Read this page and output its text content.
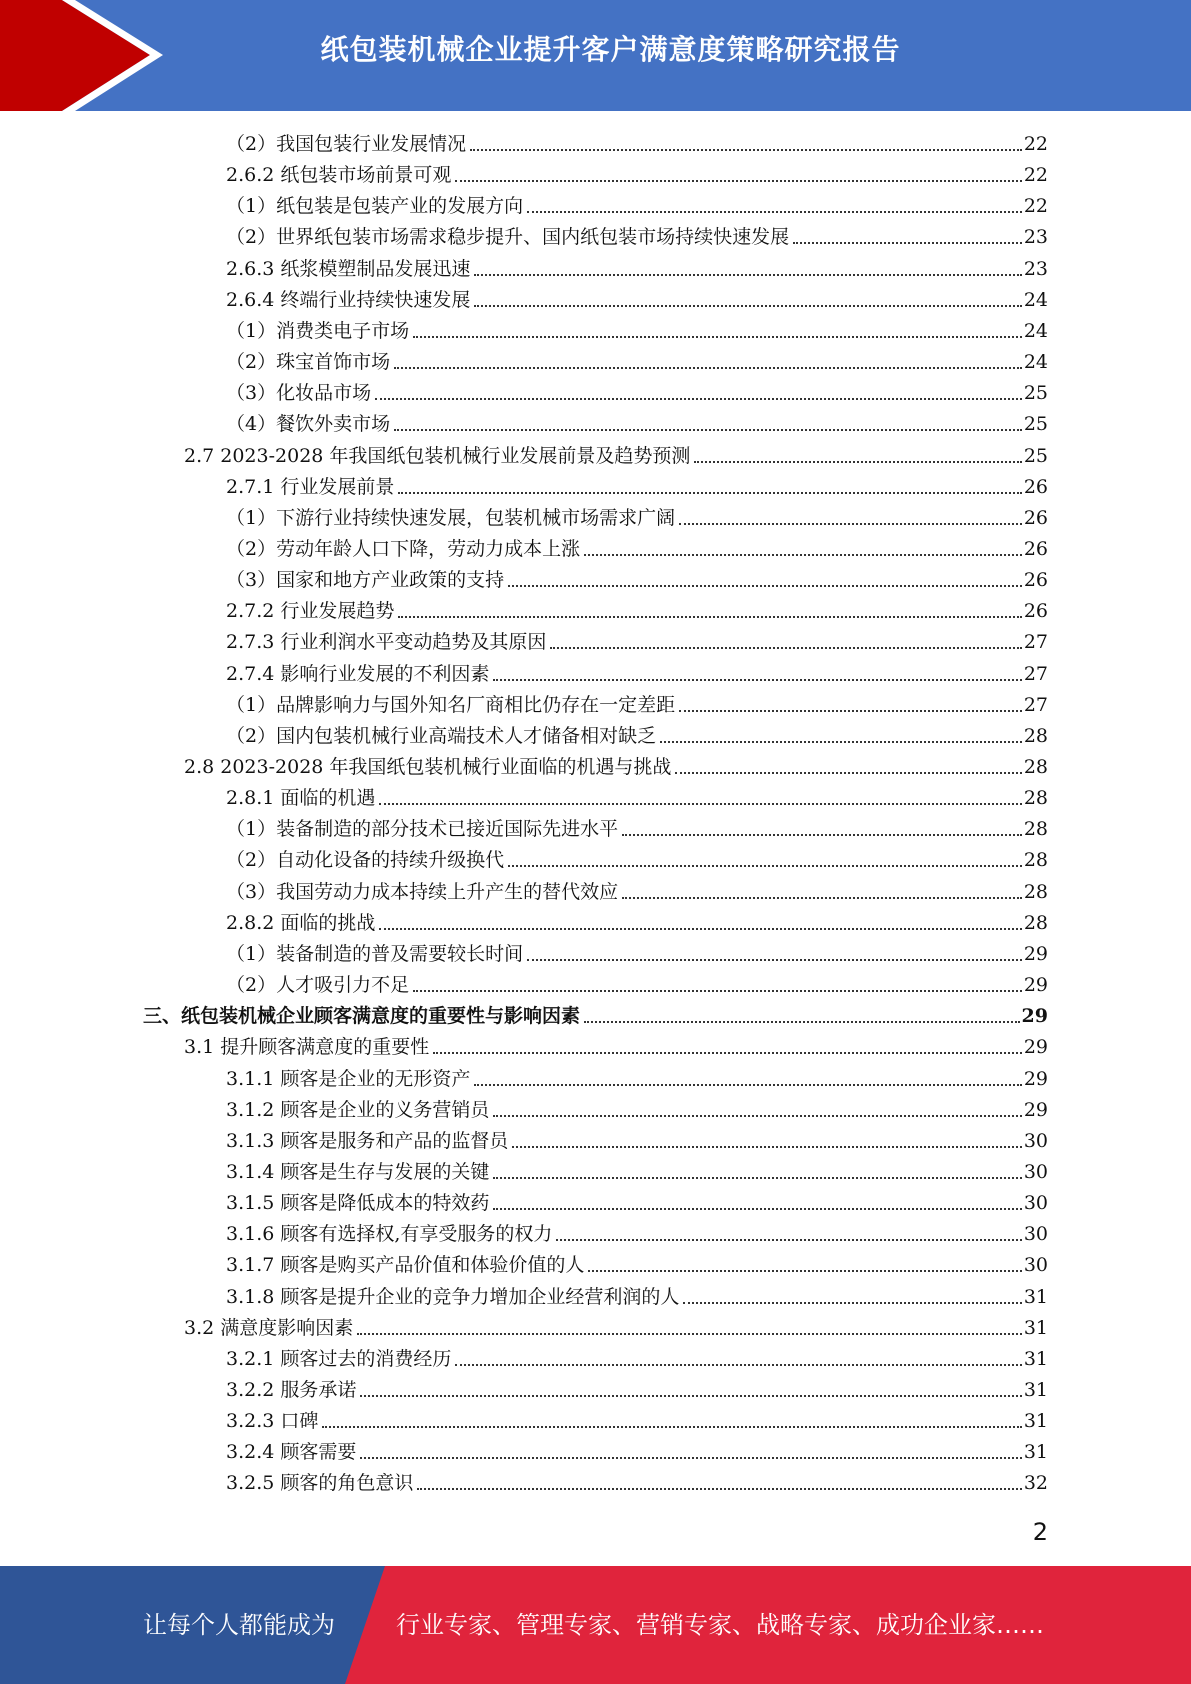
纸包装机械企业提升客户满意度策略研究报告
（2）我国包装行业发展情况	22
2.6.2 纸包装市场前景可观	22
（1）纸包装是包装产业的发展方向	22
（2）世界纸包装市场需求稳步提升、国内纸包装市场持续快速发展	23
2.6.3 纸浆模塑制品发展迅速	23
2.6.4 终端行业持续快速发展	24
（1）消费类电子市场	24
（2）珠宝首饰市场	24
（3）化妆品市场	25
（4）餐饮外卖市场	25
2.7 2023-2028 年我国纸包装机械行业发展前景及趋势预测	25
2.7.1 行业发展前景	26
（1）下游行业持续快速发展，包装机械市场需求广阔	26
（2）劳动年龄人口下降，劳动力成本上涨	26
（3）国家和地方产业政策的支持	26
2.7.2 行业发展趋势	26
2.7.3 行业利润水平变动趋势及其原因	27
2.7.4 影响行业发展的不利因素	27
（1）品牌影响力与国外知名厂商相比仍存在一定差距	27
（2）国内包装机械行业高端技术人才储备相对缺乏	28
2.8 2023-2028 年我国纸包装机械行业面临的机遇与挑战	28
2.8.1 面临的机遇	28
（1）装备制造的部分技术已接近国际先进水平	28
（2）自动化设备的持续升级换代	28
（3）我国劳动力成本持续上升产生的替代效应	28
2.8.2 面临的挑战	28
（1）装备制造的普及需要较长时间	29
（2）人才吸引力不足	29
三、纸包装机械企业顾客满意度的重要性与影响因素	29
3.1 提升顾客满意度的重要性	29
3.1.1 顾客是企业的无形资产	29
3.1.2 顾客是企业的义务营销员	29
3.1.3 顾客是服务和产品的监督员	30
3.1.4 顾客是生存与发展的关键	30
3.1.5 顾客是降低成本的特效药	30
3.1.6 顾客有选择权,有享受服务的权力	30
3.1.7 顾客是购买产品价值和体验价值的人	30
3.1.8 顾客是提升企业的竞争力增加企业经营利润的人	31
3.2 满意度影响因素	31
3.2.1 顾客过去的消费经历	31
3.2.2 服务承诺	31
3.2.3 口碑	31
3.2.4 顾客需要	31
3.2.5 顾客的角色意识	32
2
让每个人都能成为	行业专家、管理专家、营销专家、战略专家、成功企业家……
